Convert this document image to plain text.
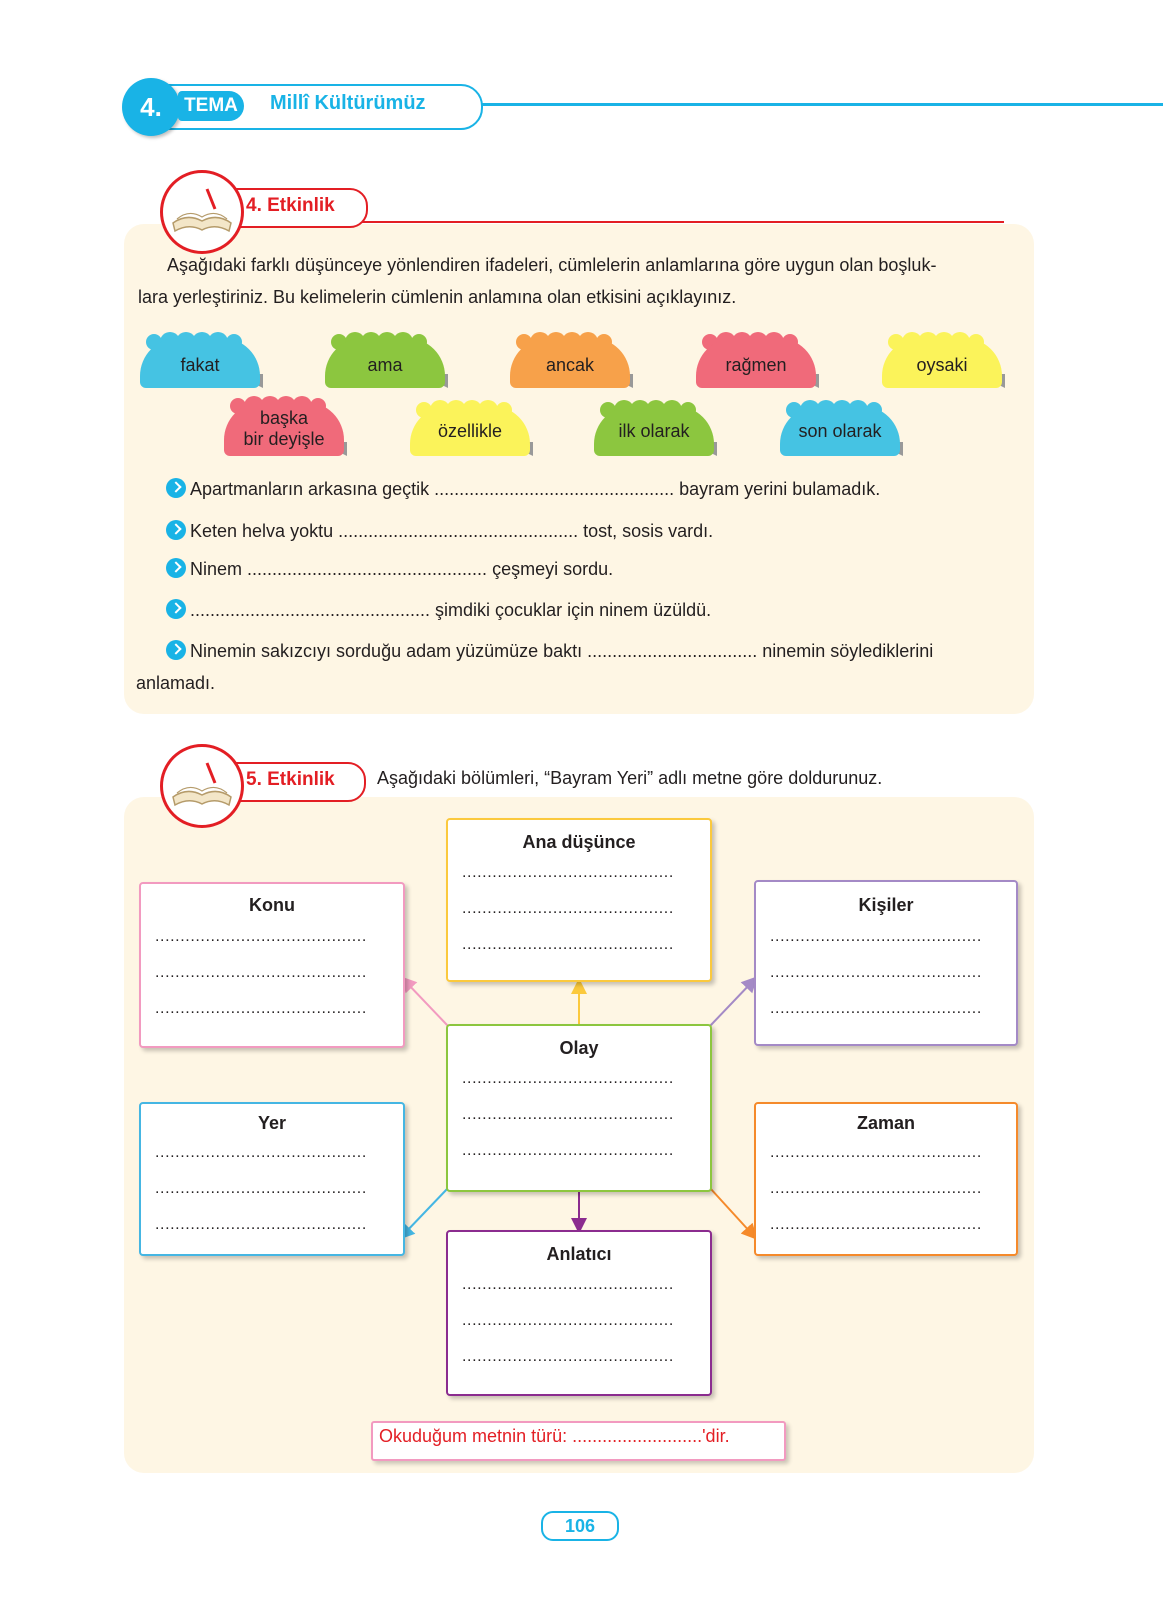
4.	TEMA	Millî Kültürümüz
4. Etkinlik
Aşağıdaki farklı düşünceye yönlendiren ifadeleri, cümlelerin anlamlarına göre uygun olan boşluk-
lara yerleştiriniz. Bu kelimelerin cümlenin anlamına olan etkisini açıklayınız.
fakat	ama	ancak	rağmen	oysaki
başka
bir deyişle	özellikle	ilk olarak	son olarak
Apartmanların arkasına geçtik ................................................ bayram yerini bulamadık.
Keten helva yoktu ................................................ tost, sosis vardı.
Ninem ................................................ çeşmeyi sordu.
................................................ şimdiki çocuklar için ninem üzüldü.
Ninemin sakızcıyı sorduğu adam yüzümüze baktı .................................. ninemin söylediklerini
anlamadı.
5. Etkinlik Aşağıdaki bölümleri, “Bayram Yeri” adlı metne göre doldurunuz.
Ana düşünce
..........................................
..........................................
..........................................
Konu
..........................................
..........................................
..........................................
Kişiler
..........................................
..........................................
..........................................
Olay
..........................................
..........................................
..........................................
Yer
..........................................
..........................................
..........................................
Zaman
..........................................
..........................................
..........................................
Anlatıcı
..........................................
..........................................
..........................................
Okuduğum metnin türü: ..........................'dir.
106
